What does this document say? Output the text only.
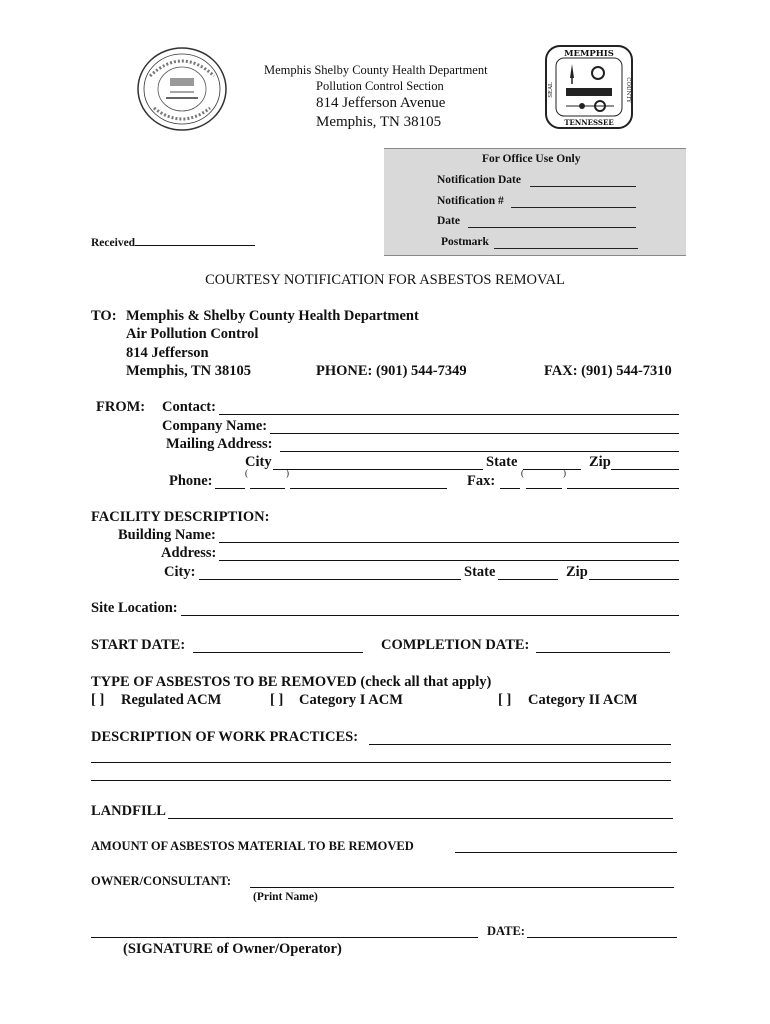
Memphis Shelby County Health Department
Pollution Control Section
814 Jefferson Avenue
Memphis, TN 38105
MEMPHIS
TENNESSEE
SEAL	COUNTY
Received
For Office Use Only
Notification Date
Notification #
Date
Postmark
COURTESY NOTIFICATION FOR ASBESTOS REMOVAL
TO: Memphis & Shelby County Health Department
Air Pollution Control
814 Jefferson
Memphis, TN 38105	PHONE: (901) 544-7349	FAX: (901) 544-7310
FROM: Contact:
Company Name:
Mailing Address:
City	State	Zip
Phone:	(	)	Fax:	(	)
FACILITY DESCRIPTION:
Building Name:
Address:
City:	State	Zip
Site Location:
START DATE:	COMPLETION DATE:
TYPE OF ASBESTOS TO BE REMOVED (check all that apply)
[ ] Regulated ACM	[ ] Category I ACM	[ ] Category II ACM
DESCRIPTION OF WORK PRACTICES:
LANDFILL
AMOUNT OF ASBESTOS MATERIAL TO BE REMOVED
OWNER/CONSULTANT:
(Print Name)
DATE:
(SIGNATURE of Owner/Operator)
